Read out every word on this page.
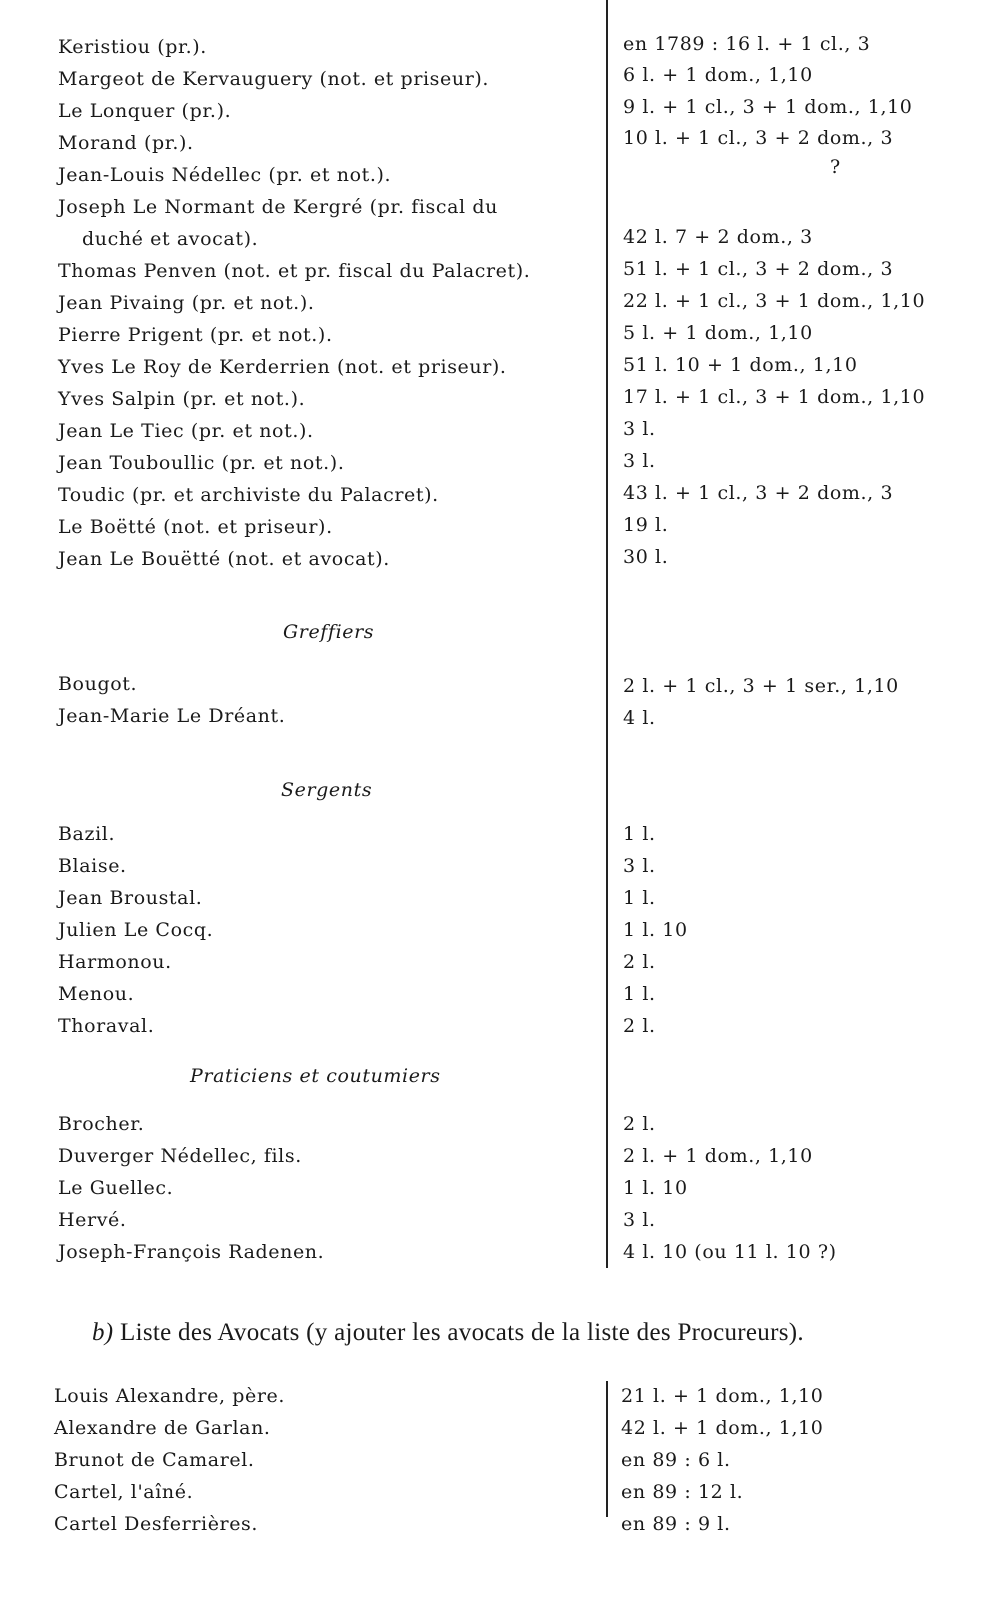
Keristiou (pr.).	en 1789 : 16 l. + 1 cl., 3
Margeot de Kervauguery (not. et priseur).	6 l. + 1 dom., 1,10
Le Lonquer (pr.).	9 l. + 1 cl., 3 + 1 dom., 1,10
Morand (pr.).	10 l. + 1 cl., 3 + 2 dom., 3
Jean-Louis Nédellec (pr. et not.).	?
Joseph Le Normant de Kergré (pr. fiscal du
duché et avocat).	42 l. 7 + 2 dom., 3
Thomas Penven (not. et pr. fiscal du Palacret).	51 l. + 1 cl., 3 + 2 dom., 3
Jean Pivaing (pr. et not.).	22 l. + 1 cl., 3 + 1 dom., 1,10
Pierre Prigent (pr. et not.).	5 l. + 1 dom., 1,10
Yves Le Roy de Kerderrien (not. et priseur).	51 l. 10 + 1 dom., 1,10
Yves Salpin (pr. et not.).	17 l. + 1 cl., 3 + 1 dom., 1,10
Jean Le Tiec (pr. et not.).	3 l.
Jean Touboullic (pr. et not.).	3 l.
Toudic (pr. et archiviste du Palacret).	43 l. + 1 cl., 3 + 2 dom., 3
Le Boëtté (not. et priseur).	19 l.
Jean Le Bouëtté (not. et avocat).	30 l.
Greffiers
Bougot.	2 l. + 1 cl., 3 + 1 ser., 1,10
Jean-Marie Le Dréant.	4 l.
Sergents
Bazil.	1 l.
Blaise.	3 l.
Jean Broustal.	1 l.
Julien Le Cocq.	1 l. 10
Harmonou.	2 l.
Menou.	1 l.
Thoraval.	2 l.
Praticiens et coutumiers
Brocher.	2 l.
Duverger Nédellec, fils.	2 l. + 1 dom., 1,10
Le Guellec.	1 l. 10
Hervé.	3 l.
Joseph-François Radenen.	4 l. 10 (ou 11 l. 10 ?)
b) Liste des Avocats (y ajouter les avocats de la liste des Procureurs).
Louis Alexandre, père.	21 l. + 1 dom., 1,10
Alexandre de Garlan.	42 l. + 1 dom., 1,10
Brunot de Camarel.	en 89 : 6 l.
Cartel, l'aîné.	en 89 : 12 l.
Cartel Desferrières.	en 89 : 9 l.
